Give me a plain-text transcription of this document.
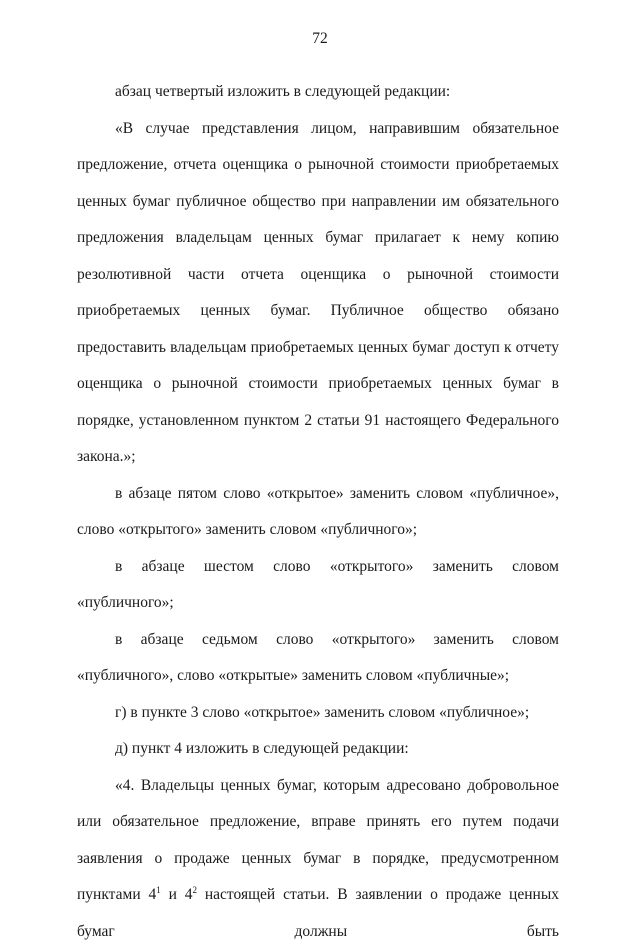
72

абзац четвертый изложить в следующей редакции:

«В случае представления лицом, направившим обязательное предложение, отчета оценщика о рыночной стоимости приобретаемых ценных бумаг публичное общество при направлении им обязательного предложения владельцам ценных бумаг прилагает к нему копию резолютивной части отчета оценщика о рыночной стоимости приобретаемых ценных бумаг. Публичное общество обязано предоставить владельцам приобретаемых ценных бумаг доступ к отчету оценщика о рыночной стоимости приобретаемых ценных бумаг в порядке, установленном пунктом 2 статьи 91 настоящего Федерального закона.»;

в абзаце пятом слово «открытое» заменить словом «публичное», слово «открытого» заменить словом «публичного»;

в абзаце шестом слово «открытого» заменить словом «публичного»;

в абзаце седьмом слово «открытого» заменить словом «публичного», слово «открытые» заменить словом «публичные»;

г) в пункте 3 слово «открытое» заменить словом «публичное»;

д) пункт 4 изложить в следующей редакции:

«4. Владельцы ценных бумаг, которым адресовано добровольное или обязательное предложение, вправе принять его путем подачи заявления о продаже ценных бумаг в порядке, предусмотренном пунктами $4^1$ и $4^2$ настоящей статьи. В заявлении о продаже ценных бумаг должны быть
